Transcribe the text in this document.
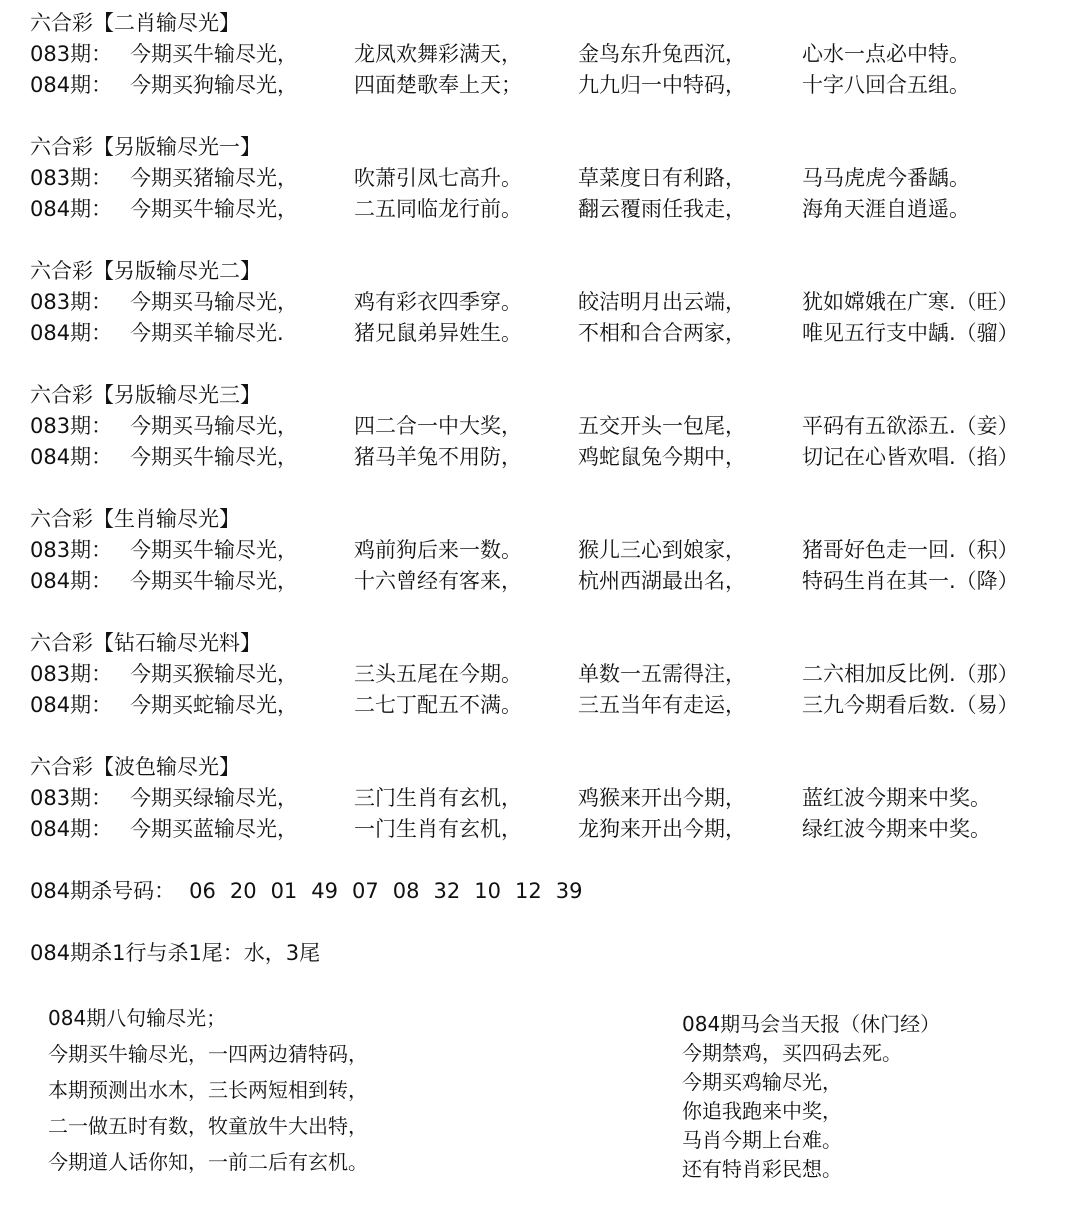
六合彩【二肖输尽光】
083期： 今期买牛输尽光，	龙凤欢舞彩满天，	金鸟东升兔西沉，	心水一点必中特。
084期： 今期买狗输尽光，	四面楚歌奉上天；	九九归一中特码，	十字八回合五组。
六合彩【另版输尽光一】
083期： 今期买猪输尽光，	吹萧引凤七高升。	草菜度日有利路，	马马虎虎今番龋。
084期： 今期买牛输尽光，	二五同临龙行前。	翻云覆雨任我走，	海角天涯自逍遥。
六合彩【另版输尽光二】
083期： 今期买马输尽光，	鸡有彩衣四季穿。	皎洁明月出云端，	犹如嫦娥在广寒.（旺）
084期： 今期买羊输尽光.	猪兄鼠弟异姓生。	不相和合合两家，	唯见五行支中龋.（骝）
六合彩【另版输尽光三】
083期： 今期买马输尽光，	四二合一中大奖，	五交开头一包尾，	平码有五欲添五.（妾）
084期： 今期买牛输尽光，	猪马羊兔不用防，	鸡蛇鼠兔今期中，	切记在心皆欢唱.（掐）
六合彩【生肖输尽光】
083期： 今期买牛输尽光，	鸡前狗后来一数。	猴儿三心到娘家，	猪哥好色走一回.（积）
084期： 今期买牛输尽光，	十六曾经有客来，	杭州西湖最出名，	特码生肖在其一.（降）
六合彩【钻石输尽光料】
083期： 今期买猴输尽光，	三头五尾在今期。	单数一五需得注，	二六相加反比例.（那）
084期： 今期买蛇输尽光，	二七丁配五不满。	三五当年有走运，	三九今期看后数.（易）
六合彩【波色输尽光】
083期： 今期买绿输尽光，	三门生肖有玄机，	鸡猴来开出今期，	蓝红波今期来中奖。
084期： 今期买蓝输尽光，	一门生肖有玄机，	龙狗来开出今期，	绿红波今期来中奖。
084期杀号码： 06 20 01 49 07 08 32 10 12 39
084期杀1行与杀1尾：水，3尾
084期八句输尽光；
今期买牛输尽光，一四两边猜特码，
本期预测出水木，三长两短相到转，
二一做五时有数，牧童放牛大出特，
今期道人话你知，一前二后有玄机。
084期马会当天报（休门经）
今期禁鸡，买四码去死。
今期买鸡输尽光，
你追我跑来中奖，
马肖今期上台难。
还有特肖彩民想。
